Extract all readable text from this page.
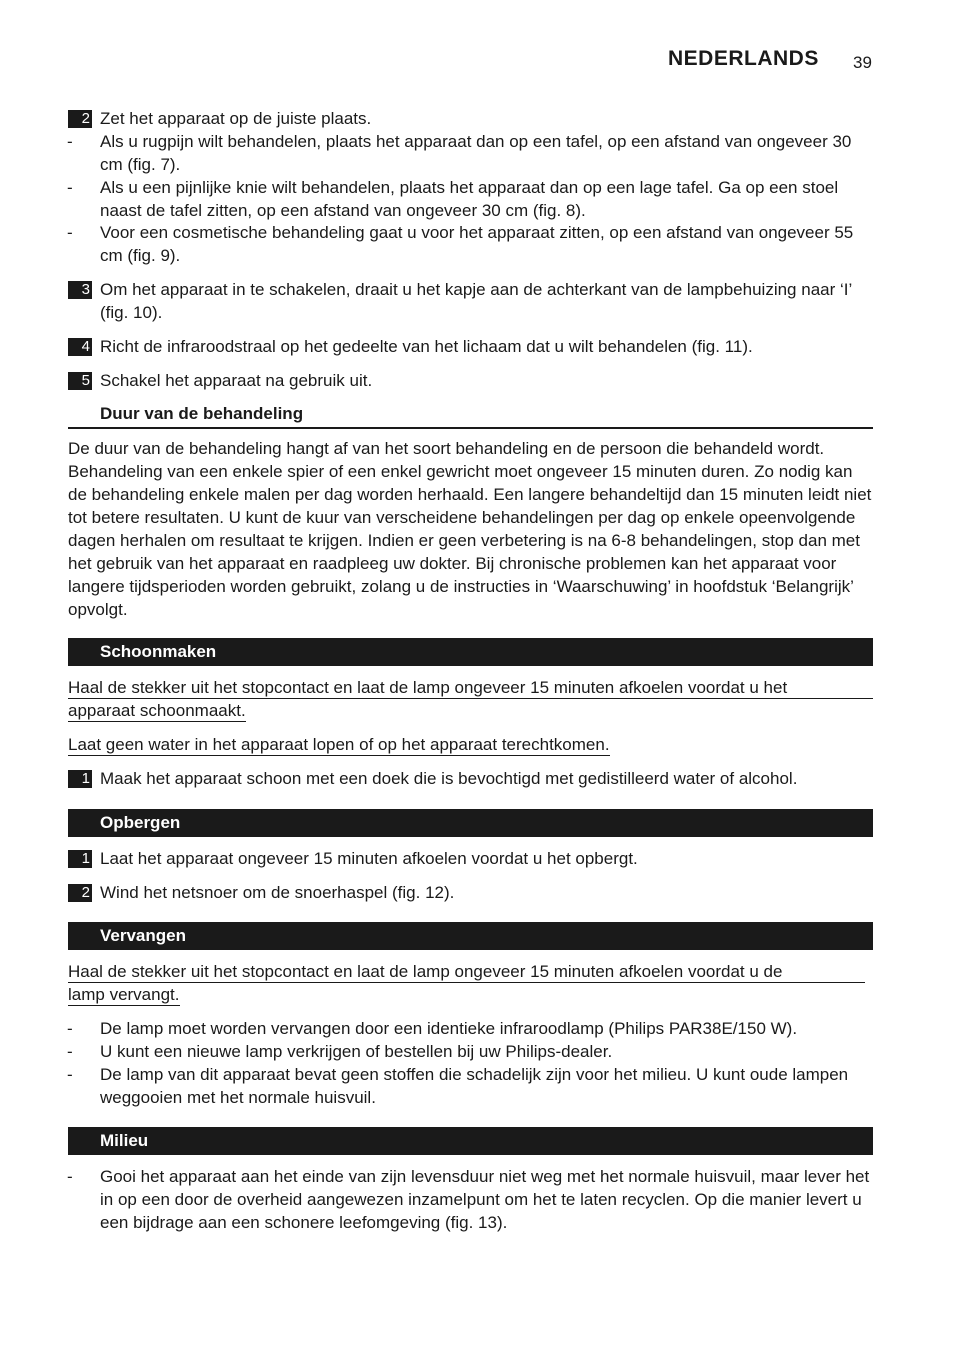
NEDERLANDS 39
2 Zet het apparaat op de juiste plaats.
- Als u rugpijn wilt behandelen, plaats het apparaat dan op een tafel, op een afstand van ongeveer 30 cm (fig. 7).
- Als u een pijnlijke knie wilt behandelen, plaats het apparaat dan op een lage tafel. Ga op een stoel naast de tafel zitten, op een afstand van ongeveer 30 cm (fig. 8).
- Voor een cosmetische behandeling gaat u voor het apparaat zitten, op een afstand van ongeveer 55 cm (fig. 9).
3 Om het apparaat in te schakelen, draait u het kapje aan de achterkant van de lampbehuizing naar ‘I’ (fig. 10).
4 Richt de infraroodstraal op het gedeelte van het lichaam dat u wilt behandelen (fig. 11).
5 Schakel het apparaat na gebruik uit.
Duur van de behandeling
De duur van de behandeling hangt af van het soort behandeling en de persoon die behandeld wordt. Behandeling van een enkele spier of een enkel gewricht moet ongeveer 15 minuten duren. Zo nodig kan de behandeling enkele malen per dag worden herhaald. Een langere behandeltijd dan 15 minuten leidt niet tot betere resultaten. U kunt de kuur van verscheidene behandelingen per dag op enkele opeenvolgende dagen herhalen om resultaat te krijgen. Indien er geen verbetering is na 6-8 behandelingen, stop dan met het gebruik van het apparaat en raadpleeg uw dokter. Bij chronische problemen kan het apparaat voor langere tijdsperioden worden gebruikt, zolang u de instructies in ‘Waarschuwing’ in hoofdstuk ‘Belangrijk’ opvolgt.
Schoonmaken
Haal de stekker uit het stopcontact en laat de lamp ongeveer 15 minuten afkoelen voordat u het
apparaat schoonmaakt.
Laat geen water in het apparaat lopen of op het apparaat terechtkomen.
1 Maak het apparaat schoon met een doek die is bevochtigd met gedistilleerd water of alcohol.
Opbergen
1 Laat het apparaat ongeveer 15 minuten afkoelen voordat u het opbergt.
2 Wind het netsnoer om de snoerhaspel (fig. 12).
Vervangen
Haal de stekker uit het stopcontact en laat de lamp ongeveer 15 minuten afkoelen voordat u de
lamp vervangt.
- De lamp moet worden vervangen door een identieke infraroodlamp (Philips PAR38E/150 W).
- U kunt een nieuwe lamp verkrijgen of bestellen bij uw Philips-dealer.
- De lamp van dit apparaat bevat geen stoffen die schadelijk zijn voor het milieu. U kunt oude lampen weggooien met het normale huisvuil.
Milieu
- Gooi het apparaat aan het einde van zijn levensduur niet weg met het normale huisvuil, maar lever het in op een door de overheid aangewezen inzamelpunt om het te laten recyclen. Op die manier levert u een bijdrage aan een schonere leefomgeving (fig. 13).
